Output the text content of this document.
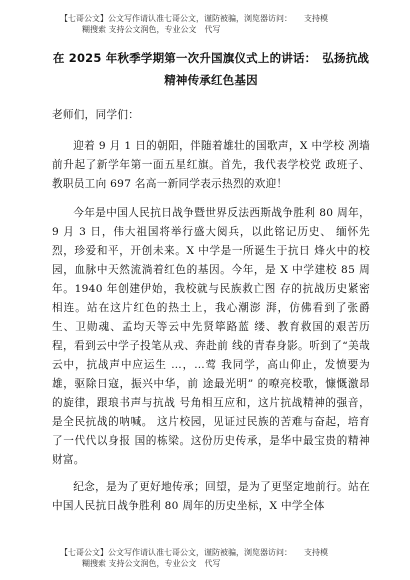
【七哥公文】公文写作请认准七哥公文，谨防被骗，浏览器访问：　　支持模
糊搜索 支持公文润色，专业公文　代写
在 2025 年秋季学期第一次升国旗仪式上的讲话：　弘扬抗战精神传承红色基因

老师们，同学们：

迎着 9 月 1 日的朝阳，伴随着雄壮的国歌声，X 中学校 冽墙前升起了新学年第一面五星红旗。首先，我代表学校党 政班子、教职员工向 697 名高一新同学表示热烈的欢迎！

今年是中国人民抗日战争暨世界反法西斯战争胜利 80 周年，9 月 3 日，伟大祖国将举行盛大阅兵，以此铭记历史、 缅怀先烈，珍爱和平，开创未来。X 中学是一所诞生于抗日 烽火中的校园，血脉中天然流淌着红色的基因。今年，是 X 中学建校 85 周年。1940 年创建伊始，我校就与民族救亡图 存的抗战历史紧密相连。站在这片红色的热土上，我心潮澎 湃，仿佛看到了张爵生、卫勋魂、孟均天等云中先贤筚路蓝 缕、教育救国的艰苦历程，看到云中学子投笔从戎、奔赴前 线的青春身影。听到了“美哉云中，抗战声中应运生 …，…莺 我同学，高山仰止，发愤要为雄，驱除日寇，振兴中华，前 途最光明” 的嘹亮校歌，慷慨激昂的旋律，跟琅书声与抗战 号角相互应和，这片抗战精神的强音，是全民抗战的呐喊。 这片校园，见证过民族的苦难与奋起，培育了一代代以身报 国的栋梁。这份历史传承，是华中最宝贵的精神财富。

纪念，是为了更好地传承；回望，是为了更坚定地前行。站在中国人民抗日战争胜利 80 周年的历史坐标，X 中学全体

【七哥公文】公文写作请认准七哥公文，谨防被骗，浏览器访问：　　支持模
糊搜索 支持公文润色，专业公文　代写
